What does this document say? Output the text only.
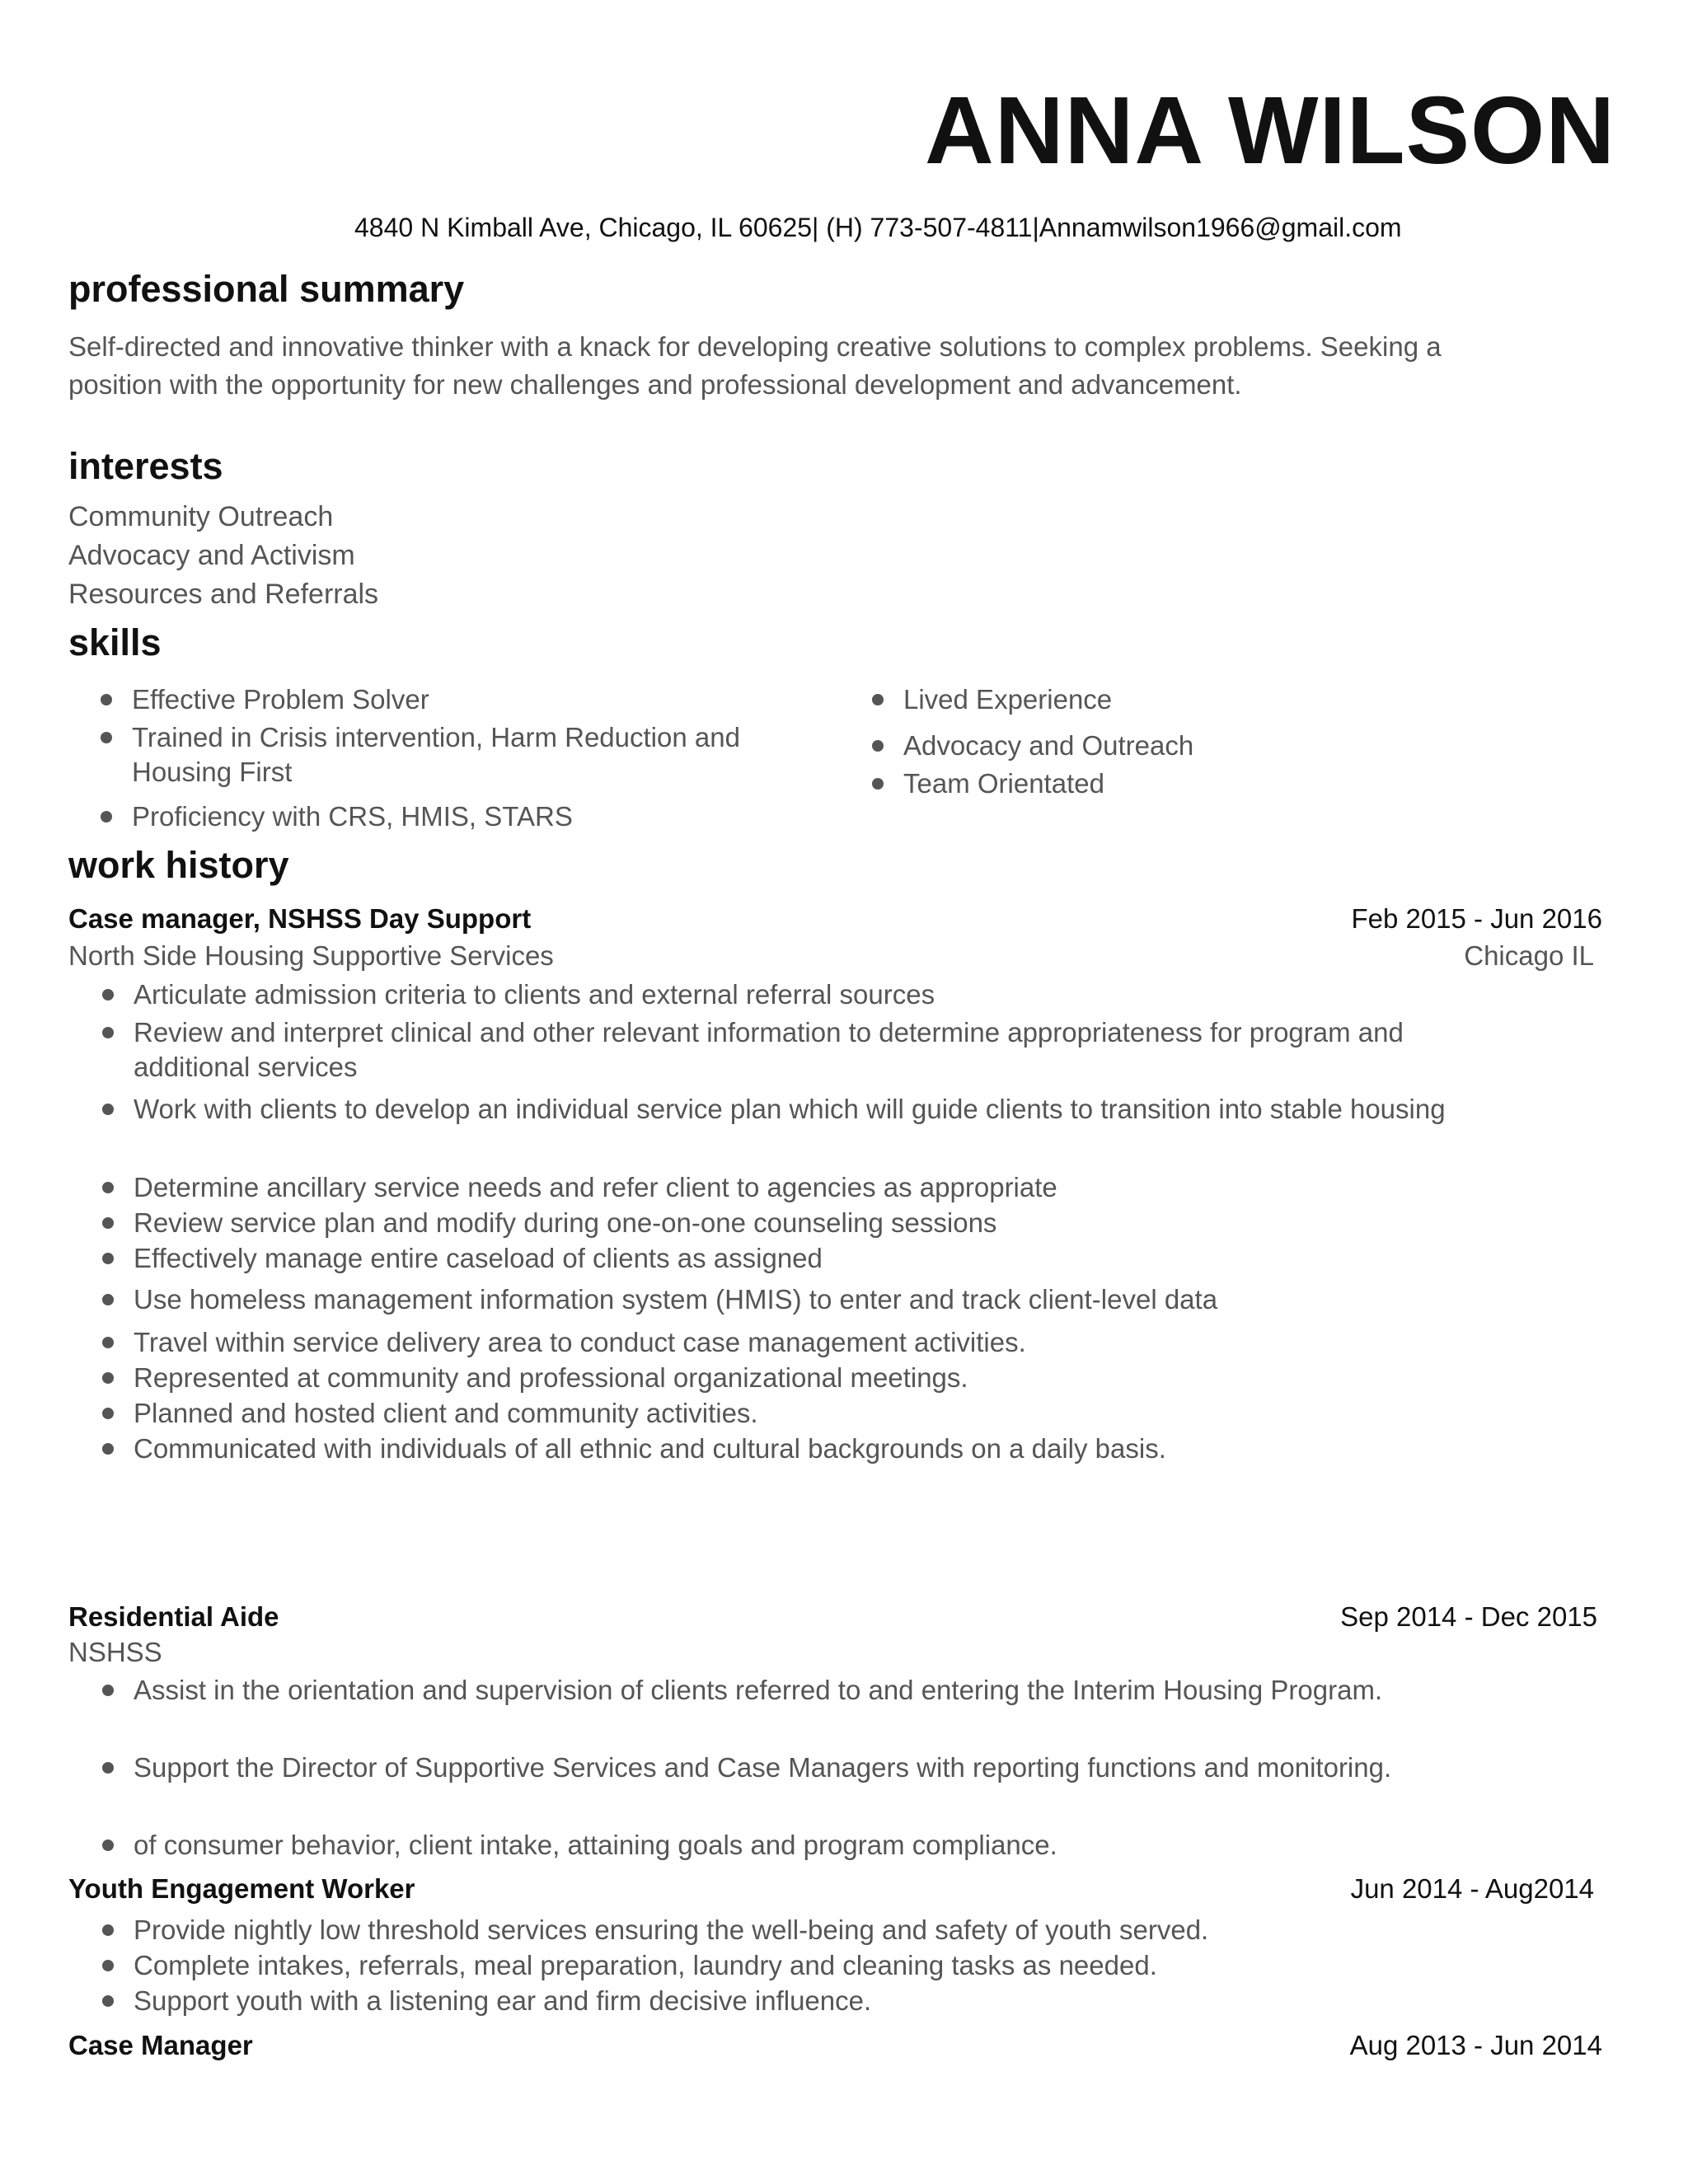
ANNA WILSON
4840 N Kimball Ave, Chicago, IL 60625| (H) 773-507-4811|Annamwilson1966@gmail.com
professional summary

Self-directed and innovative thinker with a knack for developing creative solutions to complex problems. Seeking a position with the opportunity for new challenges and professional development and advancement.

interests
Community Outreach
Advocacy and Activism
Resources and Referrals
skills
Effective Problem Solver
Trained in Crisis intervention, Harm Reduction and Housing First
Proficiency with CRS, HMIS, STARS
Lived Experience
Advocacy and Outreach
Team Orientated
work history
Case manager, NSHSS Day Support	Feb 2015 - Jun 2016
North Side Housing Supportive Services	Chicago IL
Articulate admission criteria to clients and external referral sources
Review and interpret clinical and other relevant information to determine appropriateness for program and additional services
Work with clients to develop an individual service plan which will guide clients to transition into stable housing
Determine ancillary service needs and refer client to agencies as appropriate
Review service plan and modify during one-on-one counseling sessions
Effectively manage entire caseload of clients as assigned
Use homeless management information system (HMIS) to enter and track client-level data
Travel within service delivery area to conduct case management activities.
Represented at community and professional organizational meetings.
Planned and hosted client and community activities.
Communicated with individuals of all ethnic and cultural backgrounds on a daily basis.
Residential Aide	Sep 2014 - Dec 2015
NSHSS
Assist in the orientation and supervision of clients referred to and entering the Interim Housing Program.
Support the Director of Supportive Services and Case Managers with reporting functions and monitoring.
of consumer behavior, client intake, attaining goals and program compliance.
Youth Engagement Worker	Jun 2014 - Aug2014
Provide nightly low threshold services ensuring the well-being and safety of youth served.
Complete intakes, referrals, meal preparation, laundry and cleaning tasks as needed.
Support youth with a listening ear and firm decisive influence.
Case Manager	Aug 2013 - Jun 2014
